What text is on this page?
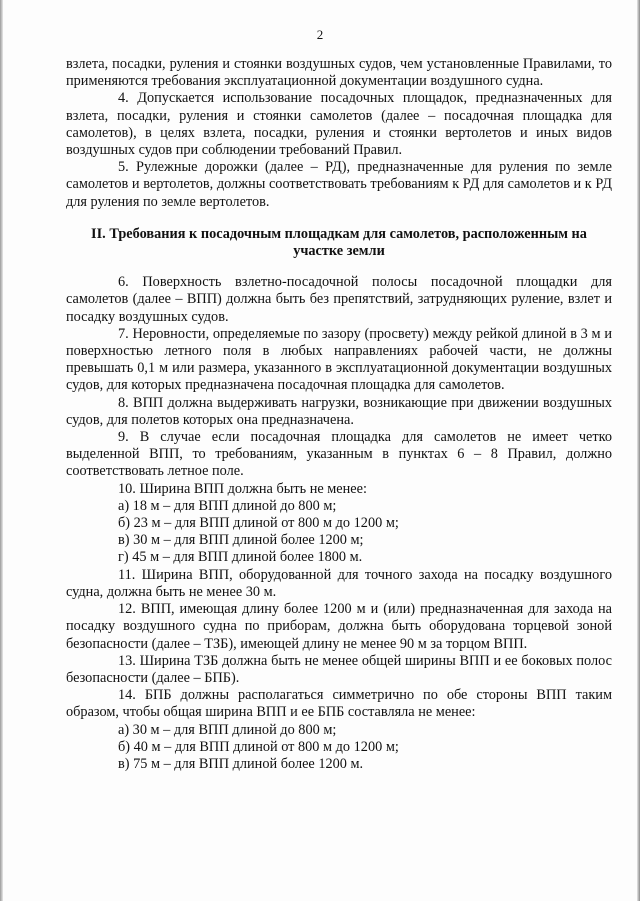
2

взлета, посадки, руления и стоянки воздушных судов, чем установленные Правилами, то применяются требования эксплуатационной документации воздушного судна.

4. Допускается использование посадочных площадок, предназначенных для взлета, посадки, руления и стоянки самолетов (далее – посадочная площадка для самолетов), в целях взлета, посадки, руления и стоянки вертолетов и иных видов воздушных судов при соблюдении требований Правил.

5. Рулежные дорожки (далее – РД), предназначенные для руления по земле самолетов и вертолетов, должны соответствовать требованиям к РД для самолетов и к РД для руления по земле вертолетов.

II. Требования к посадочным площадкам для самолетов, расположенным на участке земли

6. Поверхность взлетно-посадочной полосы посадочной площадки для самолетов (далее – ВПП) должна быть без препятствий, затрудняющих руление, взлет и посадку воздушных судов.

7. Неровности, определяемые по зазору (просвету) между рейкой длиной в 3 м и поверхностью летного поля в любых направлениях рабочей части, не должны превышать 0,1 м или размера, указанного в эксплуатационной документации воздушных судов, для которых предназначена посадочная площадка для самолетов.

8. ВПП должна выдерживать нагрузки, возникающие при движении воздушных судов, для полетов которых она предназначена.

9. В случае если посадочная площадка для самолетов не имеет четко выделенной ВПП, то требованиям, указанным в пунктах 6 – 8 Правил, должно соответствовать летное поле.

10. Ширина ВПП должна быть не менее:

а) 18 м – для ВПП длиной до 800 м;

б) 23 м – для ВПП длиной от 800 м до 1200 м;

в) 30 м – для ВПП длиной более 1200 м;

г) 45 м – для ВПП длиной более 1800 м.

11. Ширина ВПП, оборудованной для точного захода на посадку воздушного судна, должна быть не менее 30 м.

12. ВПП, имеющая длину более 1200 м и (или) предназначенная для захода на посадку воздушного судна по приборам, должна быть оборудована торцевой зоной безопасности (далее – ТЗБ), имеющей длину не менее 90 м за торцом ВПП.

13. Ширина ТЗБ должна быть не менее общей ширины ВПП и ее боковых полос безопасности (далее – БПБ).

14. БПБ должны располагаться симметрично по обе стороны ВПП таким образом, чтобы общая ширина ВПП и ее БПБ составляла не менее:

а) 30 м – для ВПП длиной до 800 м;

б) 40 м – для ВПП длиной от 800 м до 1200 м;

в) 75 м – для ВПП длиной более 1200 м.
